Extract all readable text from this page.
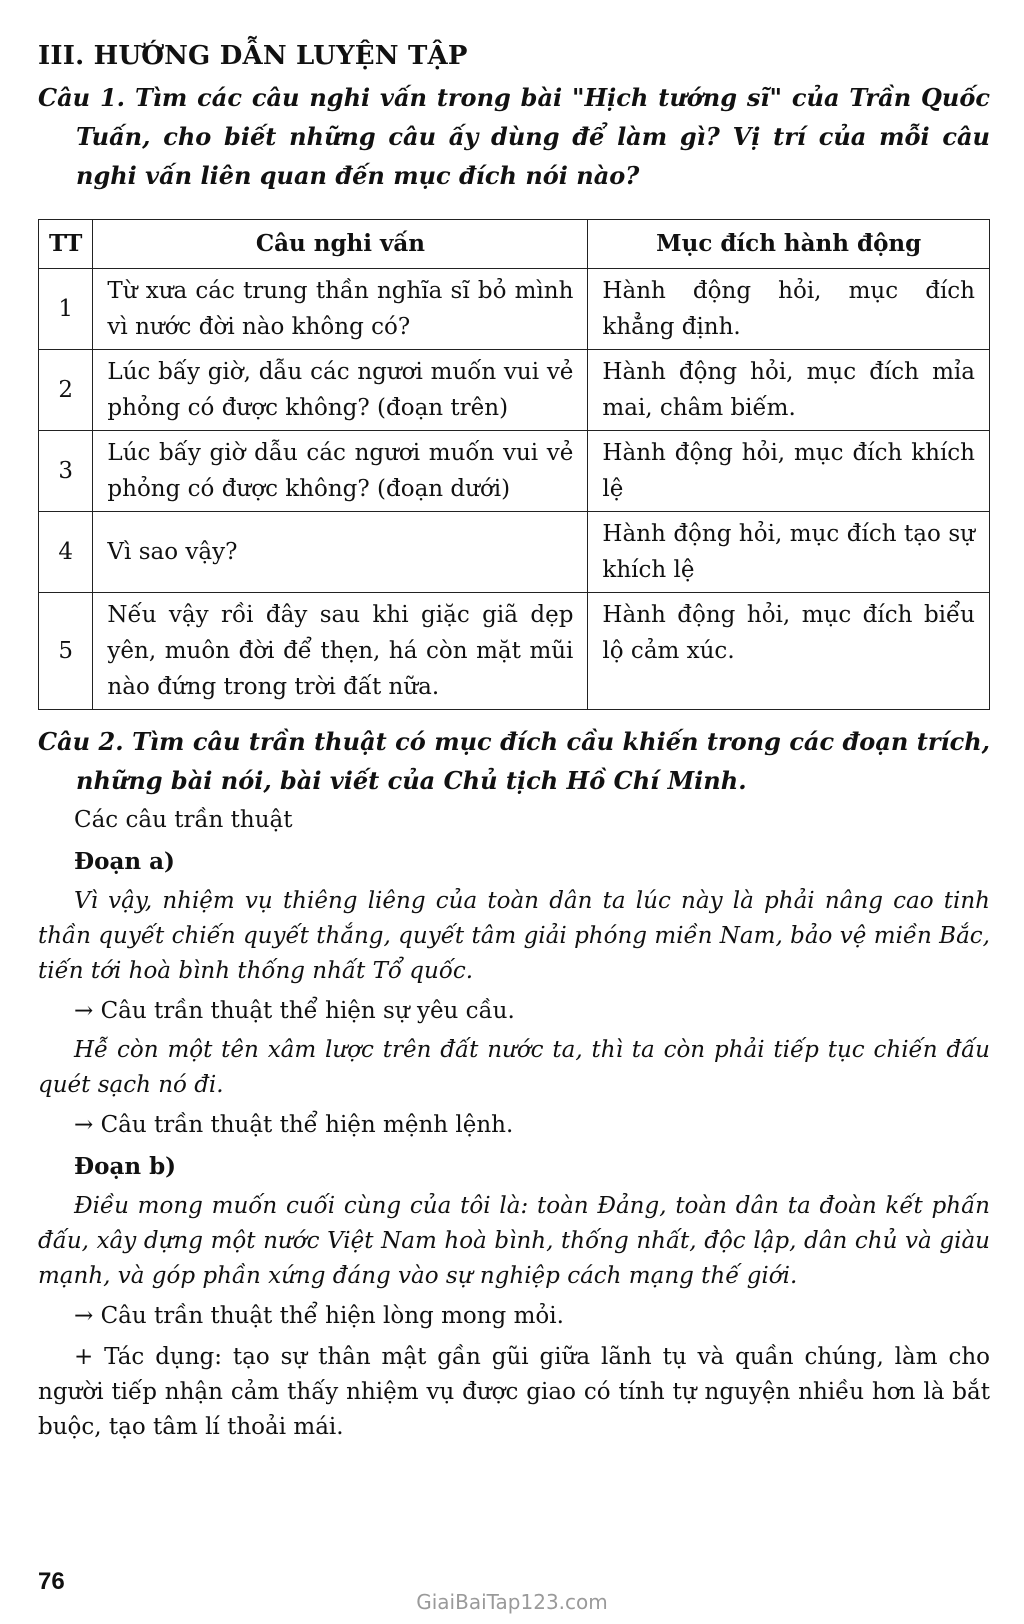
III. HƯỚNG DẪN LUYỆN TẬP

Câu 1. Tìm các câu nghi vấn trong bài "Hịch tướng sĩ" của Trần Quốc Tuấn, cho biết những câu ấy dùng để làm gì? Vị trí của mỗi câu nghi vấn liên quan đến mục đích nói nào?

TT	Câu nghi vấn	Mục đích hành động
1	Từ xưa các trung thần nghĩa sĩ bỏ mình vì nước đời nào không có?	Hành động hỏi, mục đích khẳng định.
2	Lúc bấy giờ, dẫu các ngươi muốn vui vẻ phỏng có được không? (đoạn trên)	Hành động hỏi, mục đích mỉa mai, châm biếm.
3	Lúc bấy giờ dẫu các ngươi muốn vui vẻ phỏng có được không? (đoạn dưới)	Hành động hỏi, mục đích khích lệ
4	Vì sao vậy?	Hành động hỏi, mục đích tạo sự khích lệ
5	Nếu vậy rồi đây sau khi giặc giã dẹp yên, muôn đời để thẹn, há còn mặt mũi nào đứng trong trời đất nữa.	Hành động hỏi, mục đích biểu lộ cảm xúc.

Câu 2. Tìm câu trần thuật có mục đích cầu khiến trong các đoạn trích, những bài nói, bài viết của Chủ tịch Hồ Chí Minh.

Các câu trần thuật

Đoạn a)

Vì vậy, nhiệm vụ thiêng liêng của toàn dân ta lúc này là phải nâng cao tinh thần quyết chiến quyết thắng, quyết tâm giải phóng miền Nam, bảo vệ miền Bắc, tiến tới hoà bình thống nhất Tổ quốc.

→ Câu trần thuật thể hiện sự yêu cầu.

Hễ còn một tên xâm lược trên đất nước ta, thì ta còn phải tiếp tục chiến đấu quét sạch nó đi.

→ Câu trần thuật thể hiện mệnh lệnh.

Đoạn b)

Điều mong muốn cuối cùng của tôi là: toàn Đảng, toàn dân ta đoàn kết phấn đấu, xây dựng một nước Việt Nam hoà bình, thống nhất, độc lập, dân chủ và giàu mạnh, và góp phần xứng đáng vào sự nghiệp cách mạng thế giới.

→ Câu trần thuật thể hiện lòng mong mỏi.

+ Tác dụng: tạo sự thân mật gần gũi giữa lãnh tụ và quần chúng, làm cho người tiếp nhận cảm thấy nhiệm vụ được giao có tính tự nguyện nhiều hơn là bắt buộc, tạo tâm lí thoải mái.

76
GiaiBaiTap123.com
